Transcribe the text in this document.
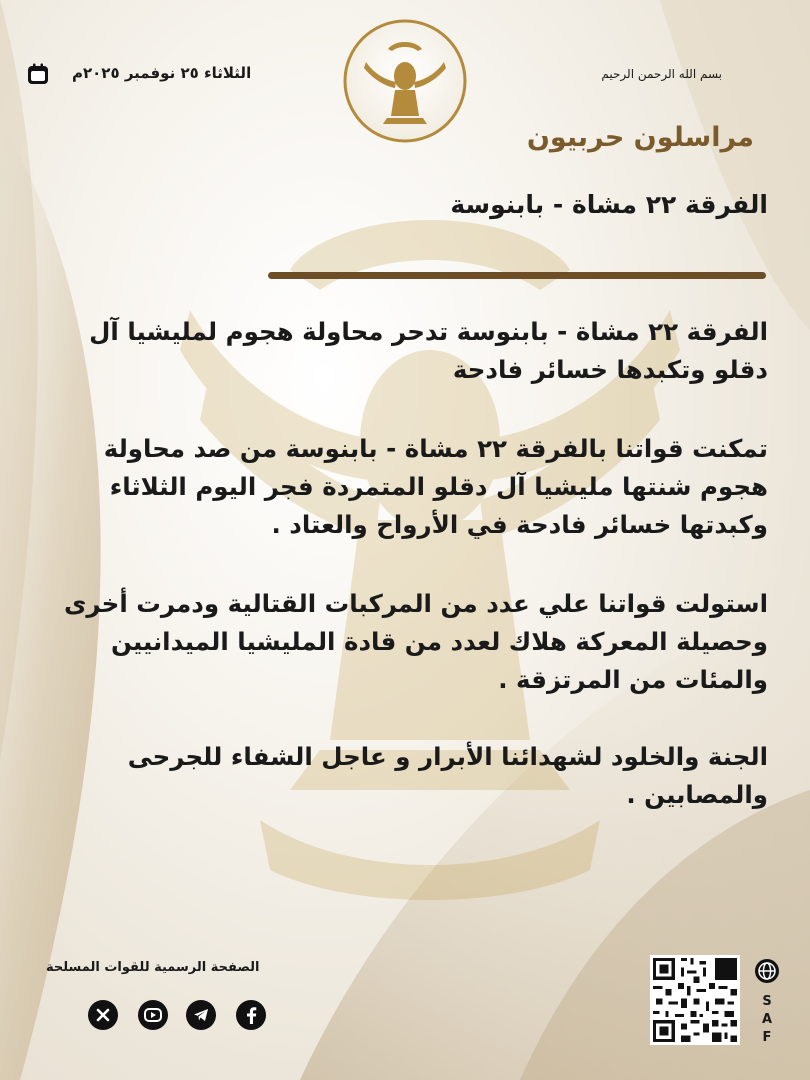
الثلاثاء ٢٥ نوفمبر ٢٠٢٥م	بسم الله الرحمن الرحيم
مراسلون حربيون
الفرقة ٢٢ مشاة - بابنوسة
الفرقة ٢٢ مشاة - بابنوسة تدحر محاولة هجوم لمليشيا آل دقلو وتكبدها خسائر فادحة
تمكنت قواتنا بالفرقة ٢٢ مشاة - بابنوسة من صد محاولة هجوم شنتها مليشيا آل دقلو المتمردة فجر اليوم الثلاثاء وكبدتها خسائر فادحة في الأرواح والعتاد .
استولت قواتنا علي عدد من المركبات القتالية ودمرت أخرى وحصيلة المعركة هلاك لعدد من قادة المليشيا الميدانيين والمئات من المرتزقة .
الجنة والخلود لشهدائنا الأبرار و عاجل الشفاء للجرحى والمصابين .
الصفحة الرسمية للقوات المسلحة
S
A
F
